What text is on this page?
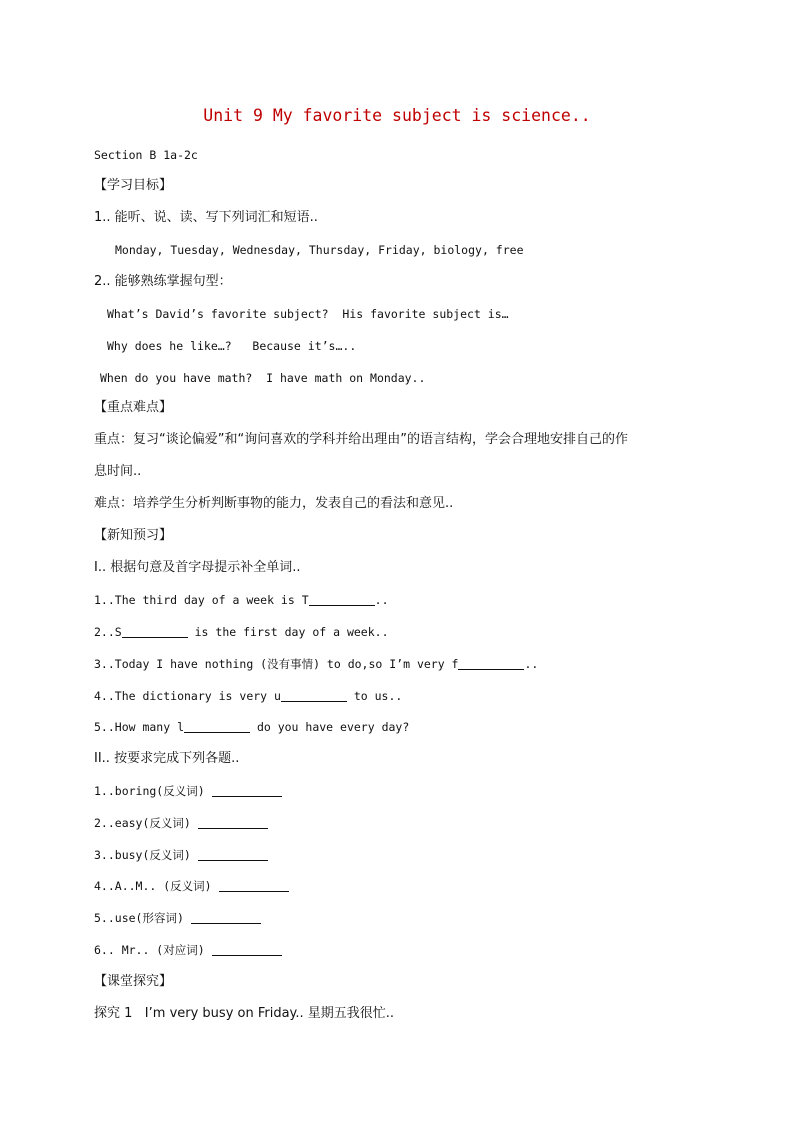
Unit 9 My favorite subject is science..
Section B 1a-2c
【学习目标】
1.. 能听、说、读、写下列词汇和短语..
Monday, Tuesday, Wednesday, Thursday, Friday, biology, free
2.. 能够熟练掌握句型：
What’s David’s favorite subject?  His favorite subject is…
Why does he like…?   Because it’s…..
When do you have math?  I have math on Monday..
【重点难点】
重点：复习“谈论偏爱”和“询问喜欢的学科并给出理由”的语言结构，学会合理地安排自己的作
息时间..
难点：培养学生分析判断事物的能力，发表自己的看法和意见..
【新知预习】
I.. 根据句意及首字母提示补全单词..
1..The third day of a week is T	..
2..S	is the first day of a week..
3..Today I have nothing (没有事情) to do,so I’m very f	..
4..The dictionary is very u	to us..
5..How many l	do you have every day?
II.. 按要求完成下列各题..
1..boring(反义词)
2..easy(反义词)
3..busy(反义词)
4..A..M.. (反义词)
5..use(形容词)
6.. Mr.. (对应词)
【课堂探究】
探究 1   I’m very busy on Friday.. 星期五我很忙..
